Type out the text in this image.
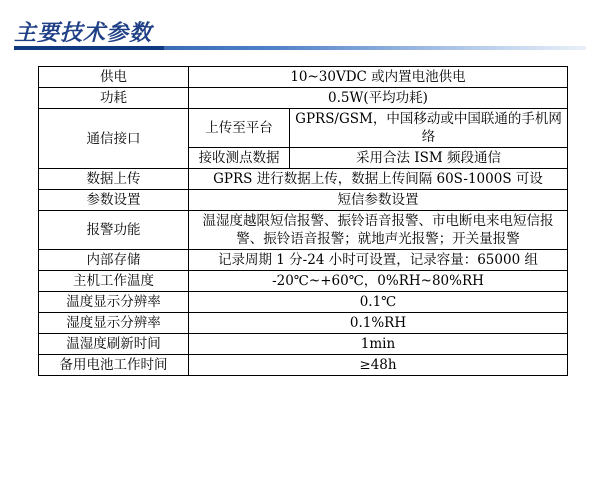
主要技术参数
供电	10~30VDC 或内置电池供电	
功耗	0.5W(平均功耗)	
通信接口	上传至平台	GPRS/GSM，中国移动或中国联通的手机网络
	接收测点数据	采用合法 ISM 频段通信
数据上传	GPRS 进行数据上传，数据上传间隔 60S-1000S 可设	
参数设置	短信参数设置	
报警功能	温湿度越限短信报警、振铃语音报警、市电断电来电短信报警、振铃语音报警；就地声光报警；开关量报警	
内部存储	记录周期 1 分-24 小时可设置，记录容量：65000 组	
主机工作温度	-20℃~+60℃，0%RH~80%RH	
温度显示分辨率	0.1℃	
湿度显示分辨率	0.1%RH	
温湿度刷新时间	1min	
备用电池工作时间	≥48h	
